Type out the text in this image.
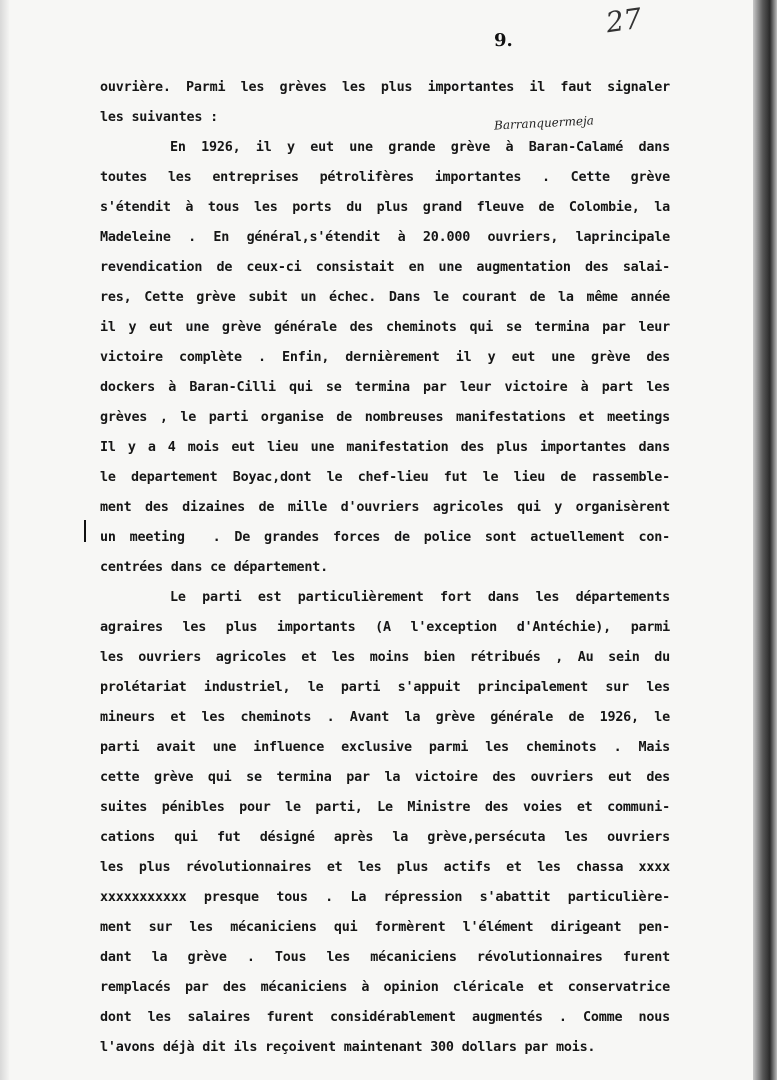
27
9.
Barranquermeja
ouvrière. Parmi les grèves les plus importantes il faut signaler
les suivantes :
En 1926, il y eut une grande grève à Baran-Calamé dans
toutes les entreprises pétrolifères importantes . Cette grève
s'étendit à tous les ports du plus grand fleuve de Colombie, la
Madeleine . En général,s'étendit à 20.000 ouvriers, laprincipale
revendication de ceux-ci consistait en une augmentation des salai-
res, Cette grève subit un échec. Dans le courant de la même année
il y eut une grève générale des cheminots qui se termina par leur
victoire complète . Enfin, dernièrement il y eut une grève des
dockers à Baran-Cilli qui se termina par leur victoire à part les
grèves , le parti organise de nombreuses manifestations et meetings
Il y a 4 mois eut lieu une manifestation des plus importantes dans
le departement Boyac,dont le chef-lieu fut le lieu de rassemble-
ment des dizaines de mille d'ouvriers agricoles qui y organisèrent
un meeting  . De grandes forces de police sont actuellement con-
centrées dans ce département.
Le parti est particulièrement fort dans les départements
agraires les plus importants (A l'exception d'Antéchie), parmi
les ouvriers agricoles et les moins bien rétribués , Au sein du
prolétariat industriel, le parti s'appuit principalement sur les
mineurs et les cheminots . Avant la grève générale de 1926, le
parti avait une influence exclusive parmi les cheminots . Mais
cette grève qui se termina par la victoire des ouvriers eut des
suites pénibles pour le parti, Le Ministre des voies et communi-
cations qui fut désigné après la grève,persécuta les ouvriers
les plus révolutionnaires et les plus actifs et les chassa xxxx
xxxxxxxxxxx presque tous . La répression s'abattit particulière-
ment sur les mécaniciens qui formèrent l'élément dirigeant pen-
dant la grève . Tous les mécaniciens révolutionnaires furent
remplacés par des mécaniciens à opinion cléricale et conservatrice
dont les salaires furent considérablement augmentés . Comme nous
l'avons déjà dit ils reçoivent maintenant 300 dollars par mois.
